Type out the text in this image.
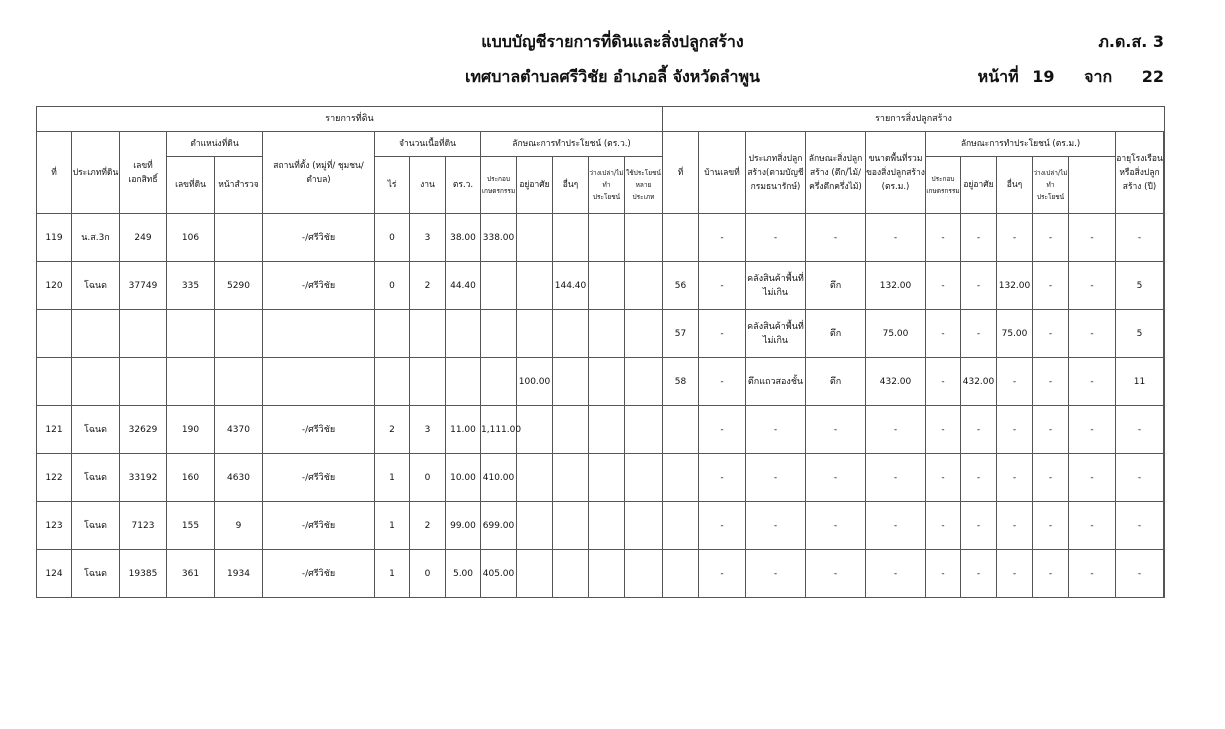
แบบบัญชีรายการที่ดินและสิ่งปลูกสร้าง
เทศบาลตำบลศรีวิชัย อำเภอลี้ จังหวัดลำพูน
ภ.ด.ส. 3
หน้าที่ 19 จาก 22
รายการที่ดิน														รายการสิ่งปลูกสร้าง											
ที่	ประเภทที่ดิน	เลขที่เอกสิทธิ์	ตำแหน่งที่ดิน		สถานที่ตั้ง (หมู่ที่/ ชุมชน/ ตำบล)	จำนวนเนื้อที่ดิน			ลักษณะการทำประโยชน์ (ตร.ว.)					ที่	บ้านเลขที่	ประเภทสิ่งปลูกสร้าง(ตามบัญชีกรมธนารักษ์)	ลักษณะสิ่งปลูกสร้าง (ตึก/ไม้/ครึ่งตึกครึ่งไม้)	ขนาดพื้นที่รวมของสิ่งปลูกสร้าง (ตร.ม.)	ลักษณะการทำประโยชน์ (ตร.ม.)					อายุโรงเรือนหรือสิ่งปลูกสร้าง (ปี)	
			เลขที่ดิน	หน้าสำรวจ		ไร่	งาน	ตร.ว.	ประกอบเกษตรกรรม	อยู่อาศัย	อื่นๆ	ว่างเปล่า/ไม่ทำประโยชน์	ใช้ประโยชน์หลายประเภท						ประกอบเกษตรกรรม	อยู่อาศัย	อื่นๆ	ว่างเปล่า/ไม่ทำประโยชน์			
119	น.ส.3ก	249	106		-/ศรีวิชัย	0	3	38.00	338.00						-	-	-	-	-	-	-	-	-	-	
120	โฉนด	37749	335	5290	-/ศรีวิชัย	0	2	44.40			144.40			56	-	คลังสินค้าพื้นที่ไม่เกิน	ตึก	132.00	-	-	132.00	-	-	5	
														57	-	คลังสินค้าพื้นที่ไม่เกิน	ตึก	75.00	-	-	75.00	-	-	5	
										100.00				58	-	ตึกแถวสองชั้น	ตึก	432.00	-	432.00	-	-	-	11	
121	โฉนด	32629	190	4370	-/ศรีวิชัย	2	3	11.00	1,111.00						-	-	-	-	-	-	-	-	-	-	
122	โฉนด	33192	160	4630	-/ศรีวิชัย	1	0	10.00	410.00						-	-	-	-	-	-	-	-	-	-	
123	โฉนด	7123	155	9	-/ศรีวิชัย	1	2	99.00	699.00						-	-	-	-	-	-	-	-	-	-	
124	โฉนด	19385	361	1934	-/ศรีวิชัย	1	0	5.00	405.00						-	-	-	-	-	-	-	-	-	-	
